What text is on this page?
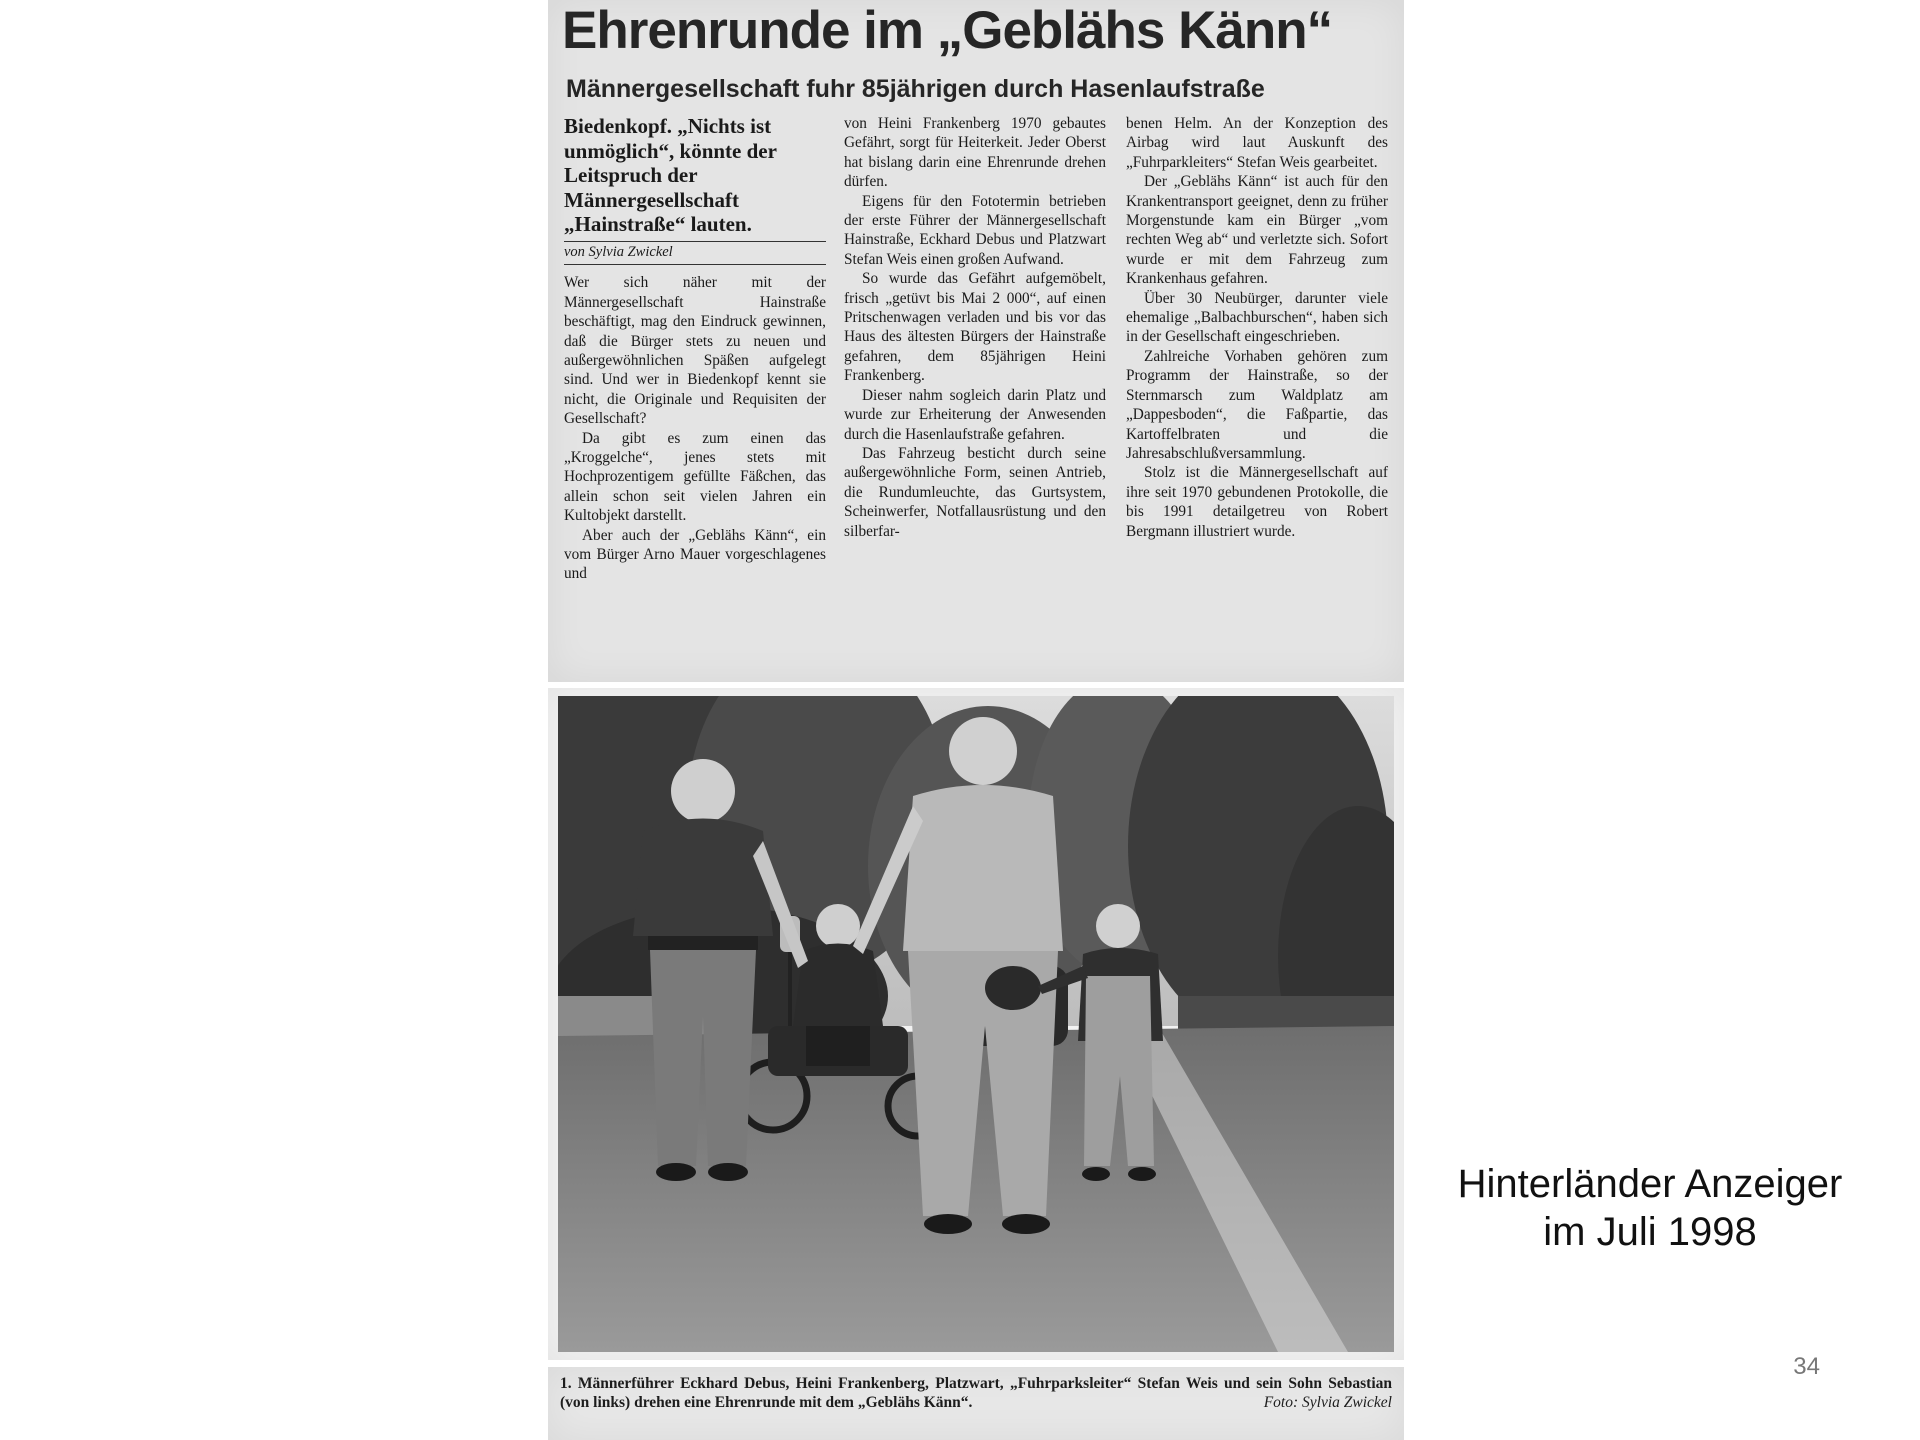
Ehrenrunde im „Geblähs Känn“
Männergesellschaft fuhr 85jährigen durch Hasenlaufstraße

Biedenkopf. „Nichts ist unmöglich“, könnte der Leitspruch der Männergesellschaft „Hainstraße“ lauten.

von Sylvia Zwickel

Wer sich näher mit der Männergesellschaft Hainstraße beschäftigt, mag den Eindruck gewinnen, daß die Bürger stets zu neuen und außergewöhnlichen Späßen aufgelegt sind. Und wer in Biedenkopf kennt sie nicht, die Originale und Requisiten der Gesellschaft?

Da gibt es zum einen das „Kroggelche“, jenes stets mit Hochprozentigem gefüllte Fäßchen, das allein schon seit vielen Jahren ein Kultobjekt darstellt.

Aber auch der „Geblähs Känn“, ein vom Bürger Arno Mauer vorgeschlagenes und

von Heini Frankenberg 1970 gebautes Gefährt, sorgt für Heiterkeit. Jeder Oberst hat bislang darin eine Ehrenrunde drehen dürfen.

Eigens für den Fototermin betrieben der erste Führer der Männergesellschaft Hainstraße, Eckhard Debus und Platzwart Stefan Weis einen großen Aufwand.

So wurde das Gefährt aufgemöbelt, frisch „getüvt bis Mai 2 000“, auf einen Pritschenwagen verladen und bis vor das Haus des ältesten Bürgers der Hainstraße gefahren, dem 85jährigen Heini Frankenberg.

Dieser nahm sogleich darin Platz und wurde zur Erheiterung der Anwesenden durch die Hasenlaufstraße gefahren.

Das Fahrzeug besticht durch seine außergewöhnliche Form, seinen Antrieb, die Rundumleuchte, das Gurtsystem, Scheinwerfer, Notfallausrüstung und den silberfar-

benen Helm. An der Konzeption des Airbag wird laut Auskunft des „Fuhrparkleiters“ Stefan Weis gearbeitet.

Der „Geblähs Känn“ ist auch für den Krankentransport geeignet, denn zu früher Morgenstunde kam ein Bürger „vom rechten Weg ab“ und verletzte sich. Sofort wurde er mit dem Fahrzeug zum Krankenhaus gefahren.

Über 30 Neubürger, darunter viele ehemalige „Balbachburschen“, haben sich in der Gesellschaft eingeschrieben.

Zahlreiche Vorhaben gehören zum Programm der Hainstraße, so der Sternmarsch zum Waldplatz am „Dappesboden“, die Faßpartie, das Kartoffelbraten und die Jahresabschlußversammlung.

Stolz ist die Männergesellschaft auf ihre seit 1970 gebundenen Protokolle, die bis 1991 detailgetreu von Robert Bergmann illustriert wurde.

1. Männerführer Eckhard Debus, Heini Frankenberg, Platzwart, „Fuhrparksleiter“ Stefan Weis und sein Sohn Sebastian (von links) drehen eine Ehrenrunde mit dem „Geblähs Känn“.	Foto: Sylvia Zwickel

Hinterländer Anzeiger
im Juli 1998

34
